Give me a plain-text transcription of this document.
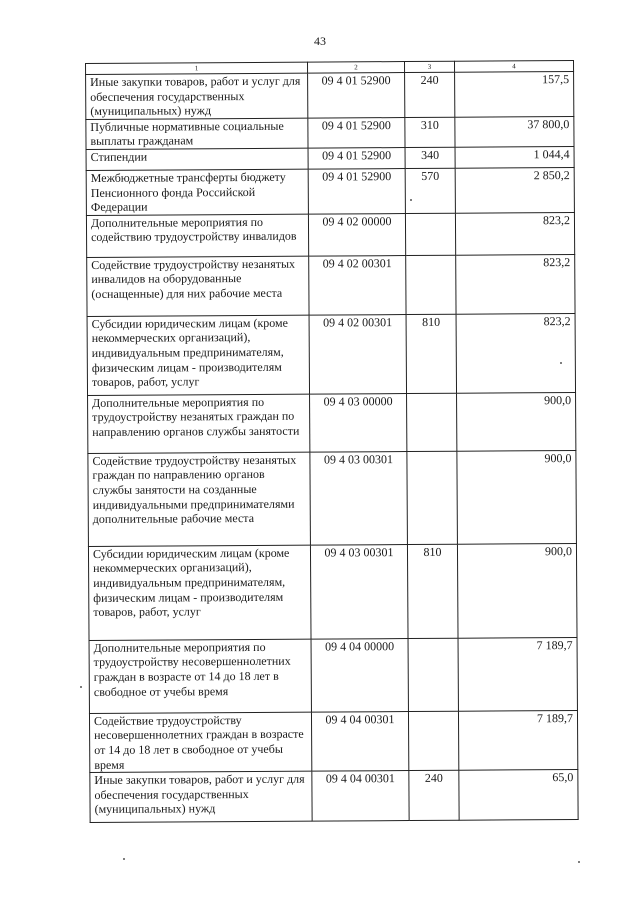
43
1	2	3	4
Иные закупки товаров, работ и услуг для обеспечения государственных (муниципальных) нужд	09 4 01 52900	240	157,5
Публичные нормативные социальные выплаты гражданам	09 4 01 52900	310	37 800,0
Стипендии	09 4 01 52900	340	1 044,4
Межбюджетные трансферты бюджету Пенсионного фонда Российской Федерации	09 4 01 52900	570	2 850,2
Дополнительные мероприятия по содействию трудоустройству инвалидов	09 4 02 00000		823,2
Содействие трудоустройству незанятых инвалидов на оборудованные (оснащенные) для них рабочие места	09 4 02 00301		823,2
Субсидии юридическим лицам (кроме некоммерческих организаций), индивидуальным предпринимателям, физическим лицам - производителям товаров, работ, услуг	09 4 02 00301	810	823,2
Дополнительные мероприятия по трудоустройству незанятых граждан по направлению органов службы занятости	09 4 03 00000		900,0
Содействие трудоустройству незанятых граждан по направлению органов службы занятости на созданные индивидуальными предпринимателями дополнительные рабочие места	09 4 03 00301		900,0
Субсидии юридическим лицам (кроме некоммерческих организаций), индивидуальным предпринимателям, физическим лицам - производителям товаров, работ, услуг	09 4 03 00301	810	900,0
Дополнительные мероприятия по трудоустройству несовершеннолетних граждан в возрасте от 14 до 18 лет в свободное от учебы время	09 4 04 00000		7 189,7
Содействие трудоустройству несовершеннолетних граждан в возрасте от 14 до 18 лет в свободное от учебы время	09 4 04 00301		7 189,7
Иные закупки товаров, работ и услуг для обеспечения государственных (муниципальных) нужд	09 4 04 00301	240	65,0
